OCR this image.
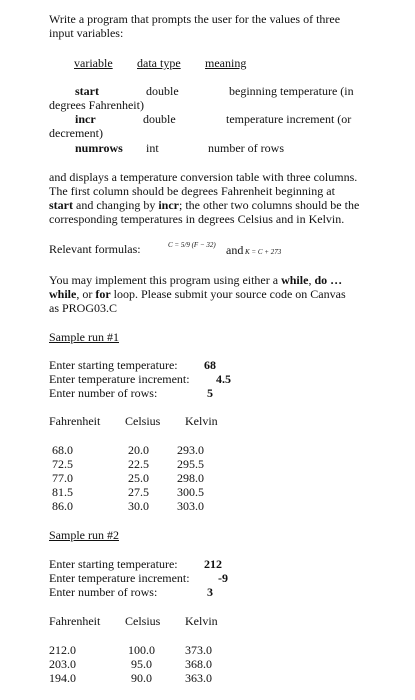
Write a program that prompts the user for the values of three
input variables:
variable data type meaning
start	double	beginning temperature (in
degrees Fahrenheit)
incr	double	temperature increment (or
decrement)
numrows int	number of rows
and displays a temperature conversion table with three columns.
The first column should be degrees Fahrenheit beginning at
start and changing by incr; the other two columns should be the
corresponding temperatures in degrees Celsius and in Kelvin.
Relevant formulas:	C = 5/9 (F − 32) and K = C + 273
You may implement this program using either a while, do …
while, or for loop. Please submit your source code on Canvas
as PROG03.C
Sample run #1
Enter starting temperature: 68
Enter temperature increment: 4.5
Enter number of rows:	5
Fahrenheit Celsius Kelvin
68.0	20.0 293.0
72.5	22.5 295.5
77.0	25.0 298.0
81.5	27.5 300.5
86.0	30.0 303.0
Sample run #2
Enter starting temperature: 212
Enter temperature increment: -9
Enter number of rows:	3
Fahrenheit Celsius Kelvin
212.0	100.0	373.0
203.0	95.0	368.0
194.0	90.0	363.0
